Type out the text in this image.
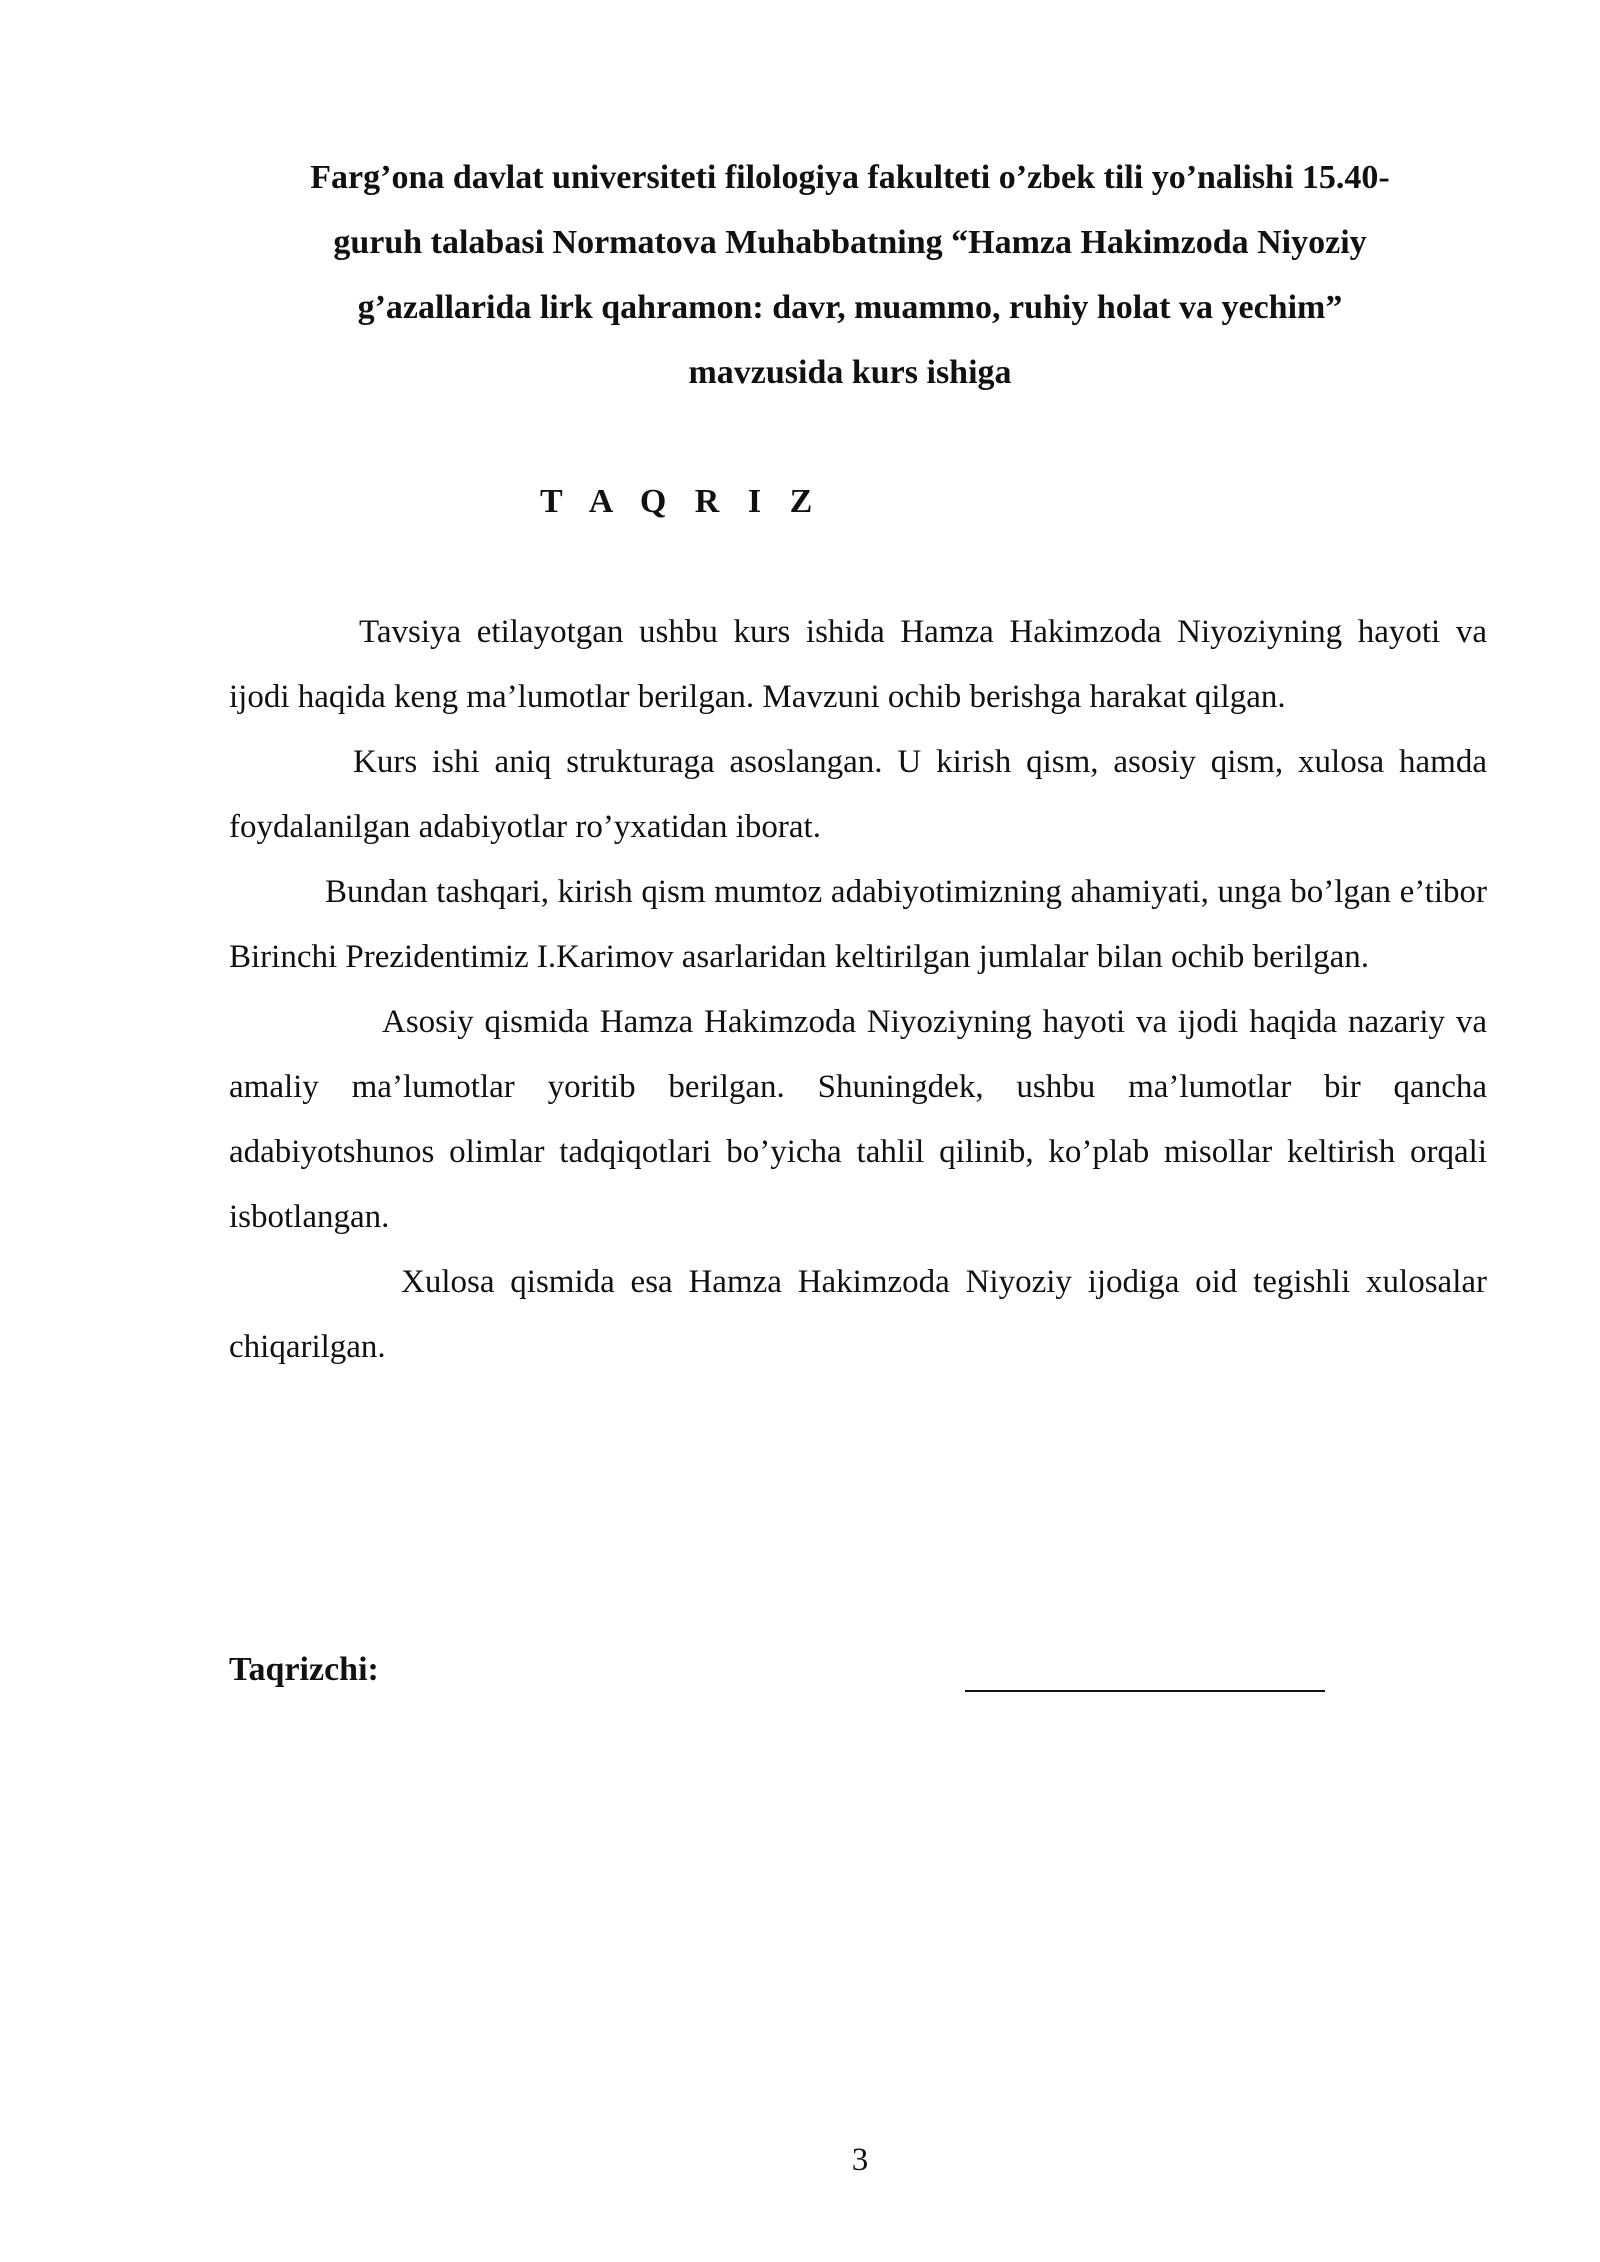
Farg’ona davlat universiteti filologiya fakulteti o’zbek tili yo’nalishi 15.40-
guruh talabasi Normatova Muhabbatning “Hamza Hakimzoda Niyoziy
g’azallarida lirk qahramon: davr, muammo, ruhiy holat va yechim”
mavzusida kurs ishiga
T A Q R I Z

Tavsiya etilayotgan ushbu kurs ishida Hamza Hakimzoda Niyoziyning hayoti va ijodi haqida keng ma’lumotlar berilgan. Mavzuni ochib berishga harakat qilgan.

Kurs ishi aniq strukturaga asoslangan. U kirish qism, asosiy qism, xulosa hamda foydalanilgan adabiyotlar ro’yxatidan iborat.

Bundan tashqari, kirish qism mumtoz adabiyotimizning ahamiyati, unga bo’lgan e’tibor Birinchi Prezidentimiz I.Karimov asarlaridan keltirilgan jumlalar bilan ochib berilgan.

Asosiy qismida Hamza Hakimzoda Niyoziyning hayoti va ijodi haqida nazariy va amaliy ma’lumotlar yoritib berilgan. Shuningdek, ushbu ma’lumotlar bir qancha adabiyotshunos olimlar tadqiqotlari bo’yicha tahlil qilinib, ko’plab misollar keltirish orqali isbotlangan.

Xulosa qismida esa Hamza Hakimzoda Niyoziy ijodiga oid tegishli xulosalar chiqarilgan.

Taqrizchi:
3
